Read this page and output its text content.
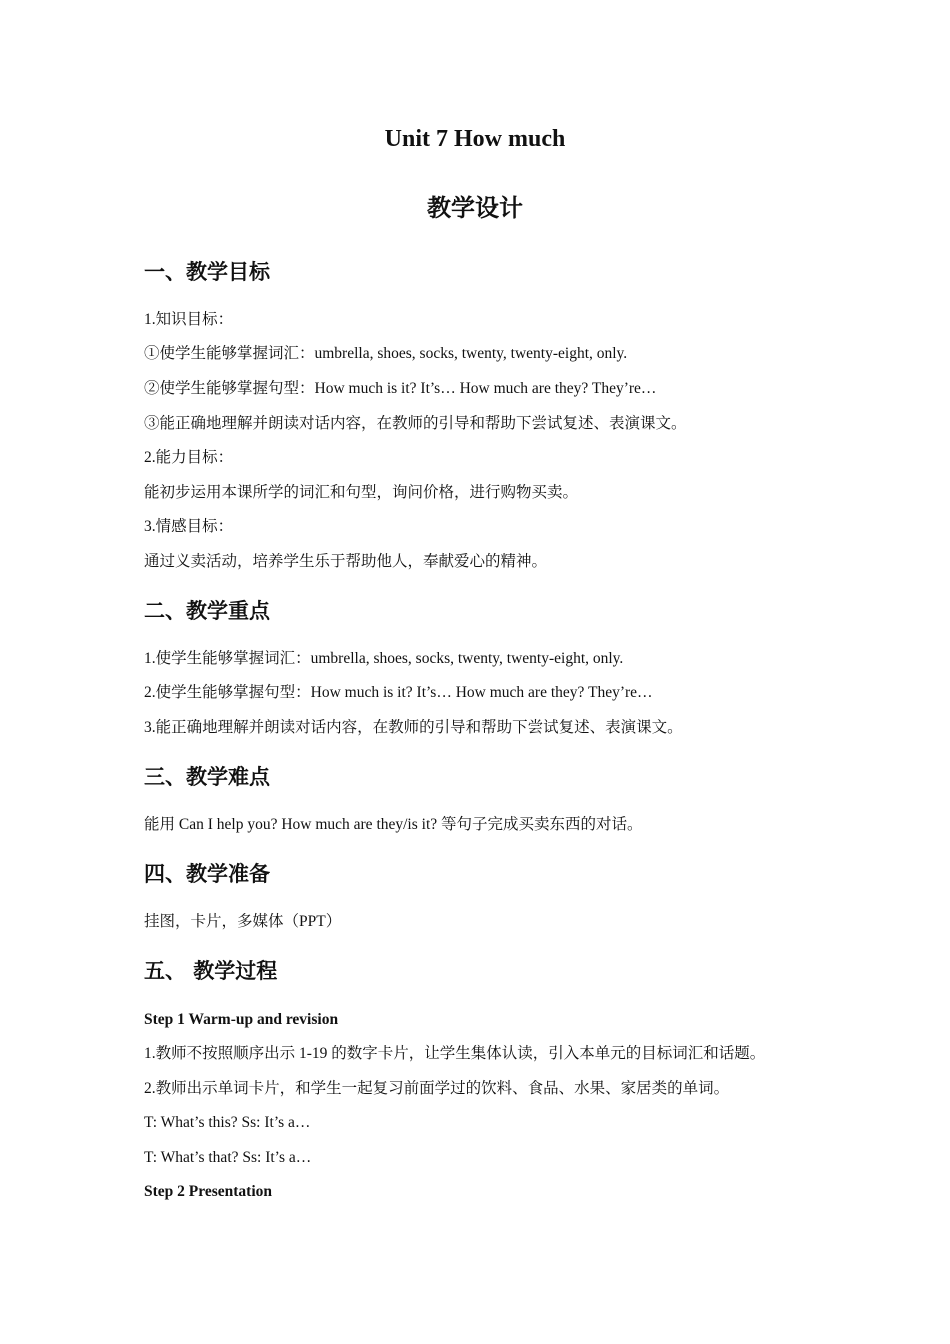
Unit 7 How much
教学设计
一、教学目标
1.知识目标：
①使学生能够掌握词汇：umbrella, shoes, socks, twenty, twenty-eight, only.
②使学生能够掌握句型：How much is it? It’s… How much are they? They’re…
③能正确地理解并朗读对话内容，在教师的引导和帮助下尝试复述、表演课文。
2.能力目标：
能初步运用本课所学的词汇和句型，询问价格，进行购物买卖。
3.情感目标：
通过义卖活动，培养学生乐于帮助他人，奉献爱心的精神。
二、教学重点
1.使学生能够掌握词汇：umbrella, shoes, socks, twenty, twenty-eight, only.
2.使学生能够掌握句型：How much is it? It’s… How much are they? They’re…
3.能正确地理解并朗读对话内容，在教师的引导和帮助下尝试复述、表演课文。
三、教学难点
能用 Can I help you? How much are they/is it? 等句子完成买卖东西的对话。
四、教学准备
挂图，卡片，多媒体（PPT）
五、 教学过程
Step 1 Warm-up and revision
1.教师不按照顺序出示 1-19 的数字卡片，让学生集体认读，引入本单元的目标词汇和话题。
2.教师出示单词卡片，和学生一起复习前面学过的饮料、食品、水果、家居类的单词。
T: What’s this? Ss: It’s a…
T: What’s that? Ss: It’s a…
Step 2 Presentation
